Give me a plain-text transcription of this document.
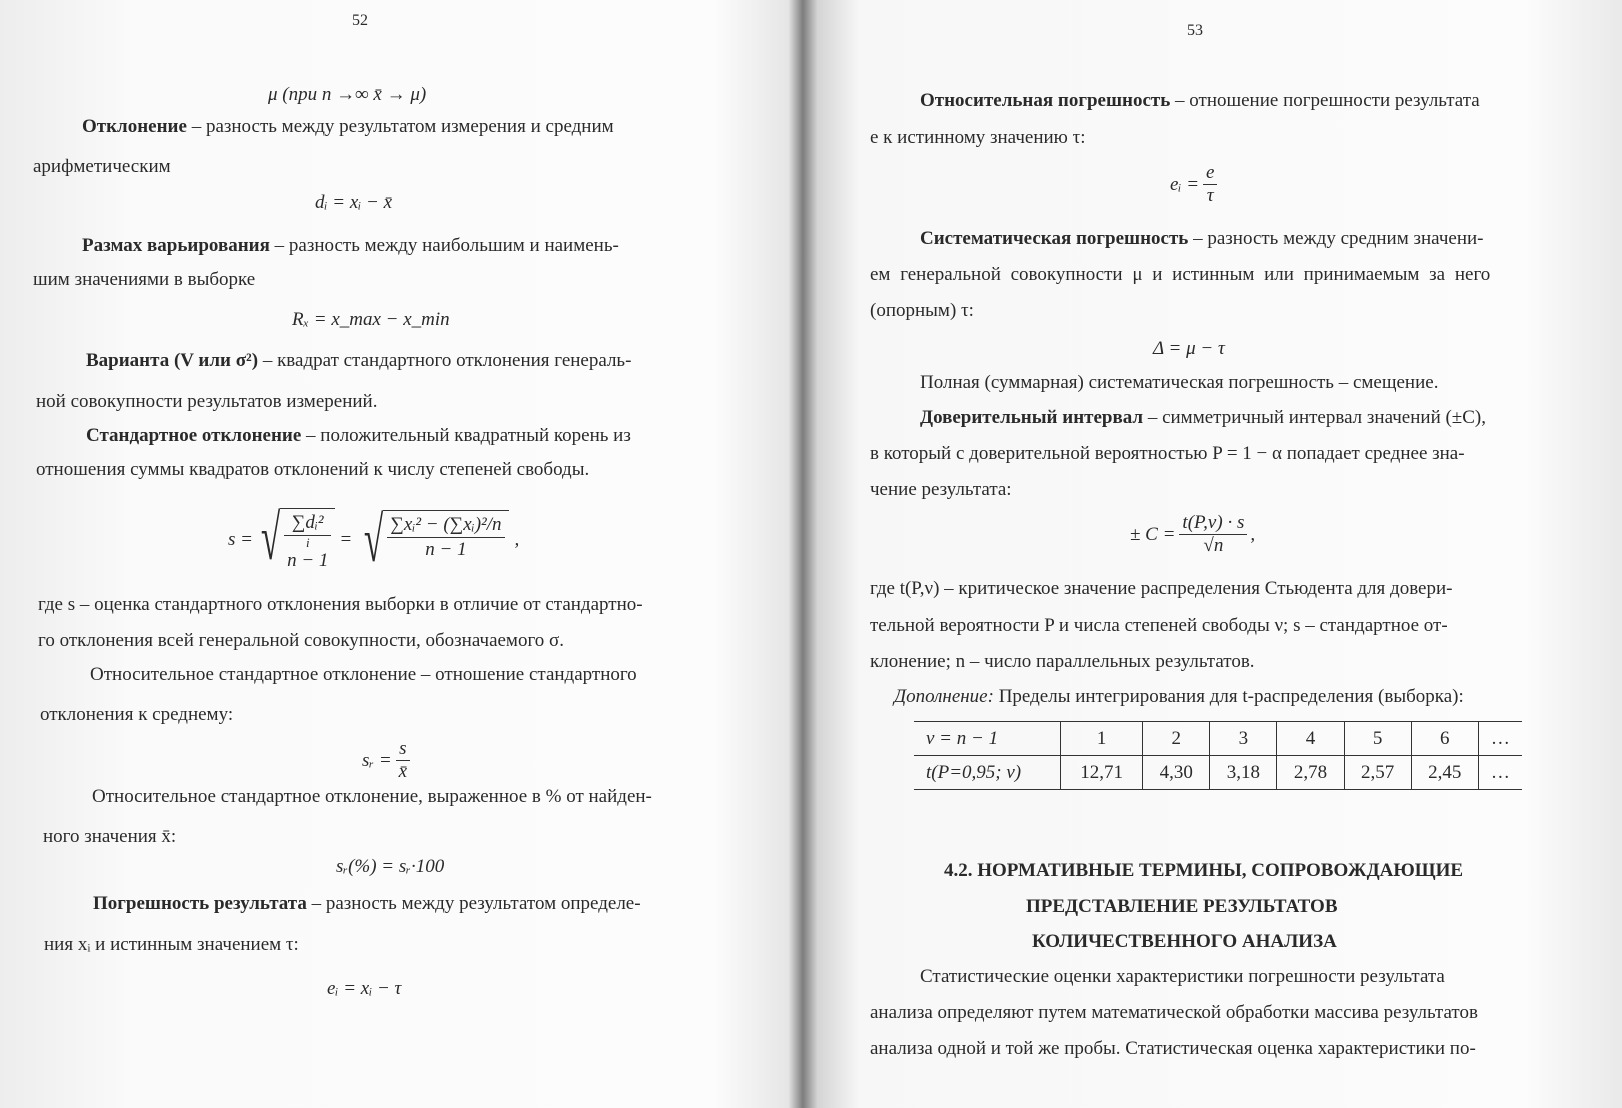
52
μ (при n →∞ x̄ → μ)
Отклонение – разность между результатом измерения и средним
арифметическим
dᵢ = xᵢ − x̄
Размах варьирования – разность между наибольшим и наимень-
шим значениями в выборке
Rₓ = x_max − x_min
Варианта (V или σ²) – квадрат стандартного отклонения генераль-
ной совокупности результатов измерений.
Стандартное отклонение – положительный квадратный корень из
отношения суммы квадратов отклонений к числу степеней свободы.
s = √ ∑dᵢ²
i
n − 1
= √ $\frac{\text{∑xᵢ² − (∑xᵢ)²/n}}{n - 1}$ ,
где s – оценка стандартного отклонения выборки в отличие от стандартно-
го отклонения всей генеральной совокупности, обозначаемого σ.
Относительное стандартное отклонение – отношение стандартного
отклонения к среднему:
sᵣ = $\frac{s}{x̄}$
Относительное стандартное отклонение, выраженное в % от найден-
ного значения x̄:
sᵣ(%) = sᵣ·100
Погрешность результата – разность между результатом определе-
ния xᵢ и истинным значением τ:
eᵢ = xᵢ − τ
53
Относительная погрешность – отношение погрешности результата
e к истинному значению τ:
eᵢ = $\frac{e}{\tau}$
Систематическая погрешность – разность между средним значени-
ем генеральной совокупности μ и истинным или принимаемым за него
(опорным) τ:
Δ = μ − τ
Полная (суммарная) систематическая погрешность – смещение.
Доверительный интервал – симметричный интервал значений (±C),
в который с доверительной вероятностью P = 1 − α попадает среднее зна-
чение результата:
± $C = \frac{t(P,\nu) \cdot s}{√n}$ ,
где t(P,ν) – критическое значение распределения Стьюдента для довери-
тельной вероятности P и числа степеней свободы ν; s – стандартное от-
клонение; n – число параллельных результатов.
Дополнение: Пределы интегрирования для t-распределения (выборка):
ν = n − 1	1	2	3	4	5	6	…
t(P=0,95; ν)	12,71	4,30	3,18	2,78	2,57	2,45	…
4.2. НОРМАТИВНЫЕ ТЕРМИНЫ, СОПРОВОЖДАЮЩИЕ
ПРЕДСТАВЛЕНИЕ РЕЗУЛЬТАТОВ
КОЛИЧЕСТВЕННОГО АНАЛИЗА
Статистические оценки характеристики погрешности результата
анализа определяют путем математической обработки массива результатов
анализа одной и той же пробы. Статистическая оценка характеристики по-
